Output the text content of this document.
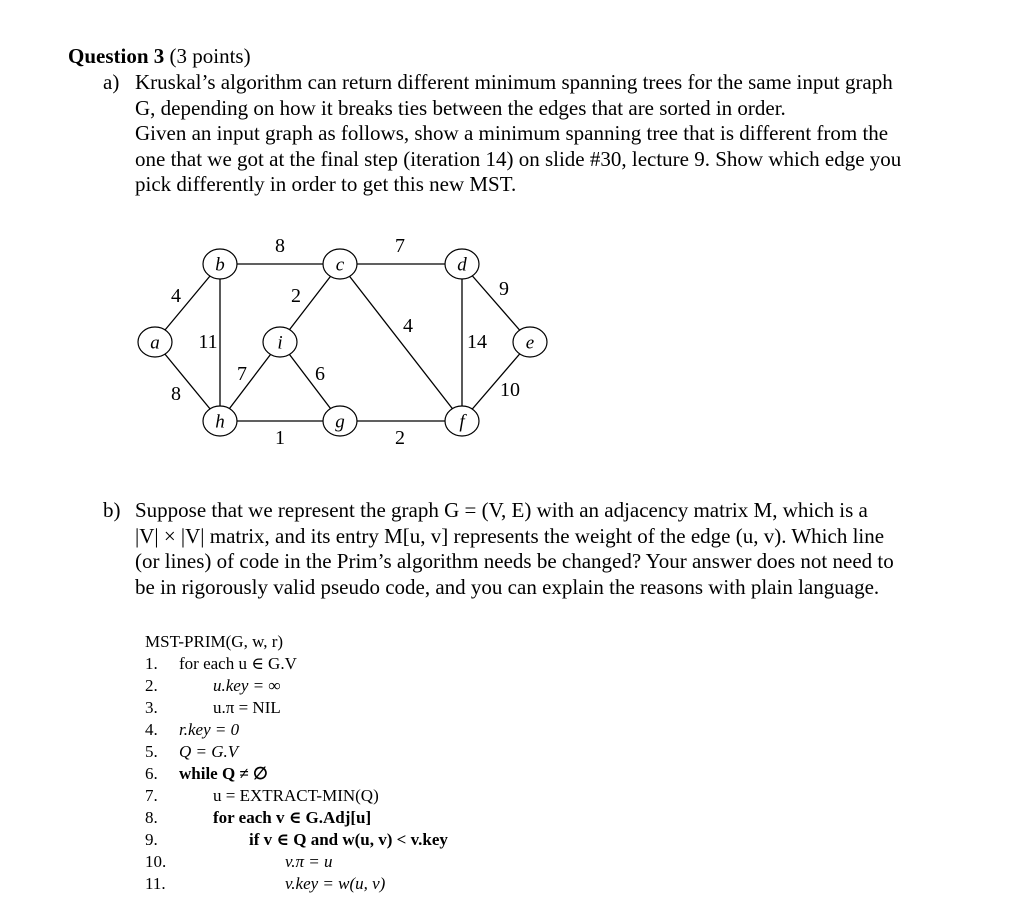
Question 3 (3 points)
a) Kruskal’s algorithm can return different minimum spanning trees for the same input graph
G, depending on how it breaks ties between the edges that are sorted in order.
Given an input graph as follows, show a minimum spanning tree that is different from the
one that we got at the final step (iteration 14) on slide #30, lecture 9. Show which edge you
pick differently in order to get this new MST.
4
8
8
11
7
2
4
9
14
10
2
1
7	6
a
b	c	d
e
f
g
h
i
b) Suppose that we represent the graph G = (V, E) with an adjacency matrix M, which is a
|V| × |V| matrix, and its entry M[u, v] represents the weight of the edge (u, v). Which line
(or lines) of code in the Prim’s algorithm needs be changed? Your answer does not need to
be in rigorously valid pseudo code, and you can explain the reasons with plain language.
MST-PRIM(G, w, r)
1. for each u ∈ G.V
2.	u.key = ∞
3.	u.π = NIL
4. r.key = 0
5. Q = G.V
6. while Q ≠ ∅
7.	u = EXTRACT-MIN(Q)
8.	for each v ∈ G.Adj[u]
9.	if v ∈ Q and w(u, v) < v.key
10.	v.π = u
11.	v.key = w(u, v)
